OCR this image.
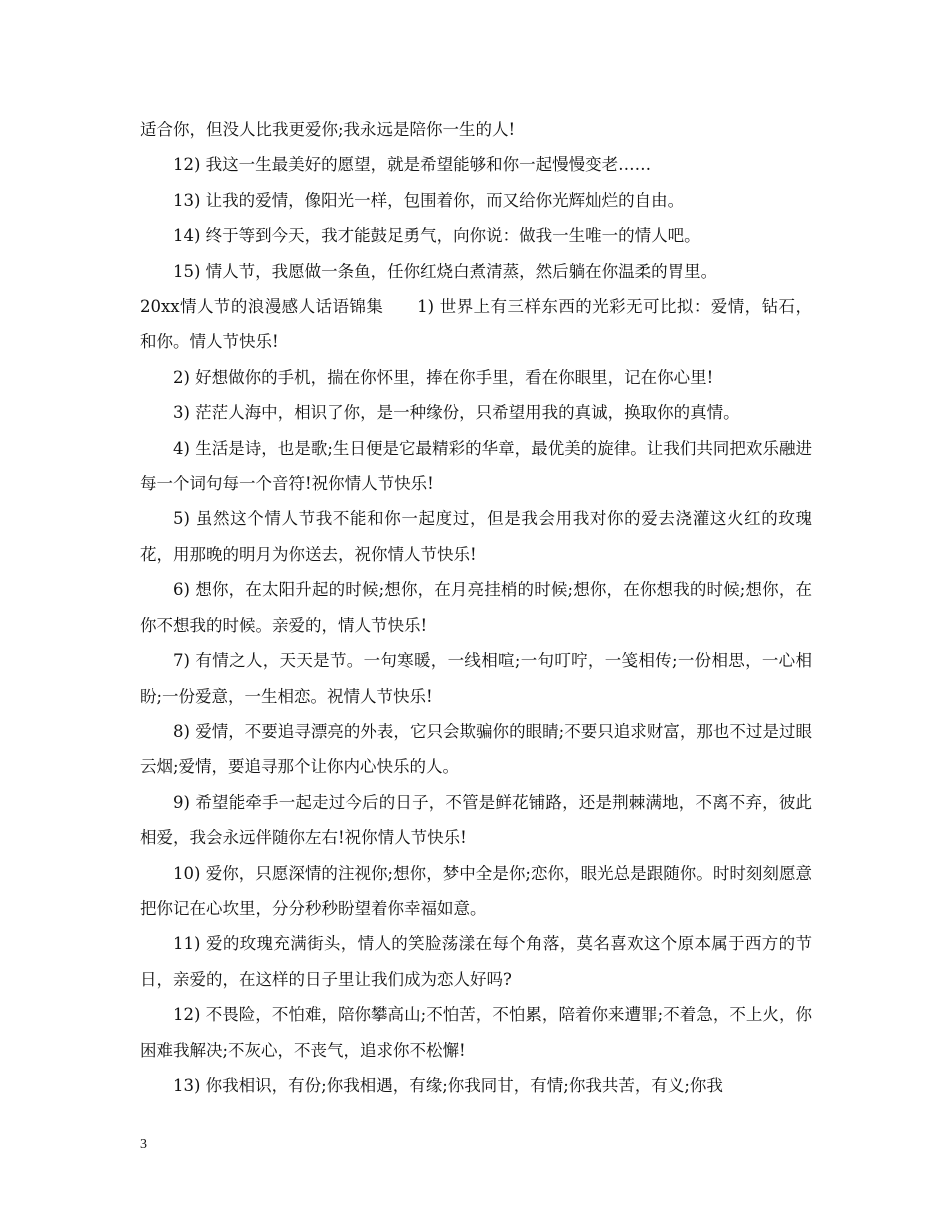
适合你，但没人比我更爱你;我永远是陪你一生的人!

12) 我这一生最美好的愿望，就是希望能够和你一起慢慢变老……

13) 让我的爱情，像阳光一样，包围着你，而又给你光辉灿烂的自由。

14) 终于等到今天，我才能鼓足勇气，向你说：做我一生唯一的情人吧。

15) 情人节，我愿做一条鱼，任你红烧白煮清蒸，然后躺在你温柔的胃里。

20xx情人节的浪漫感人话语锦集　　1) 世界上有三样东西的光彩无可比拟：爱情，钻石，和你。情人节快乐!

2) 好想做你的手机，揣在你怀里，捧在你手里，看在你眼里，记在你心里!

3) 茫茫人海中，相识了你，是一种缘份，只希望用我的真诚，换取你的真情。

4) 生活是诗，也是歌;生日便是它最精彩的华章，最优美的旋律。让我们共同把欢乐融进每一个词句每一个音符!祝你情人节快乐!

5) 虽然这个情人节我不能和你一起度过，但是我会用我对你的爱去浇灌这火红的玫瑰花，用那晚的明月为你送去，祝你情人节快乐!

6) 想你，在太阳升起的时候;想你，在月亮挂梢的时候;想你，在你想我的时候;想你，在你不想我的时候。亲爱的，情人节快乐!

7) 有情之人，天天是节。一句寒暖，一线相喧;一句叮咛，一笺相传;一份相思，一心相盼;一份爱意，一生相恋。祝情人节快乐!

8) 爱情，不要追寻漂亮的外表，它只会欺骗你的眼睛;不要只追求财富，那也不过是过眼云烟;爱情，要追寻那个让你内心快乐的人。

9) 希望能牵手一起走过今后的日子，不管是鲜花铺路，还是荆棘满地，不离不弃，彼此相爱，我会永远伴随你左右!祝你情人节快乐!

10) 爱你，只愿深情的注视你;想你，梦中全是你;恋你，眼光总是跟随你。时时刻刻愿意把你记在心坎里，分分秒秒盼望着你幸福如意。

11) 爱的玫瑰充满街头，情人的笑脸荡漾在每个角落，莫名喜欢这个原本属于西方的节日，亲爱的，在这样的日子里让我们成为恋人好吗?

12) 不畏险，不怕难，陪你攀高山;不怕苦，不怕累，陪着你来遭罪;不着急，不上火，你困难我解决;不灰心，不丧气，追求你不松懈!

13) 你我相识，有份;你我相遇，有缘;你我同甘，有情;你我共苦，有义;你我

3
